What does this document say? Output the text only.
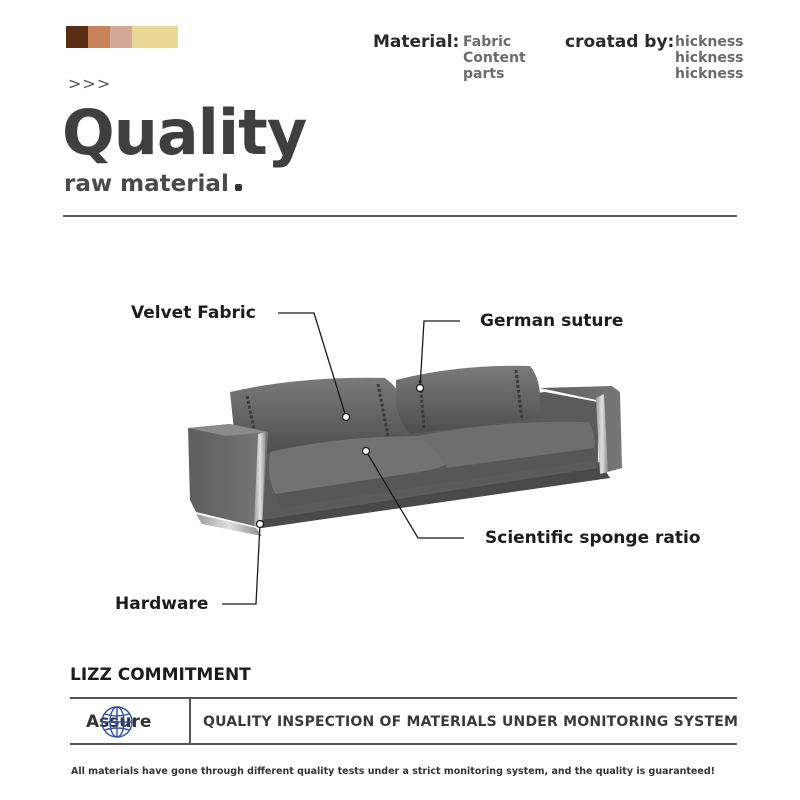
Material: Fabric
Content
parts
croatad by: hickness
hickness
hickness
>>>
Quality
raw material
Velvet Fabric	German suture
Scientific sponge ratio
Hardware
LIZZ COMMITMENT
Assure	QUALITY INSPECTION OF MATERIALS UNDER MONITORING SYSTEM
All materials have gone through different quality tests under a strict monitoring system, and the quality is guaranteed!
